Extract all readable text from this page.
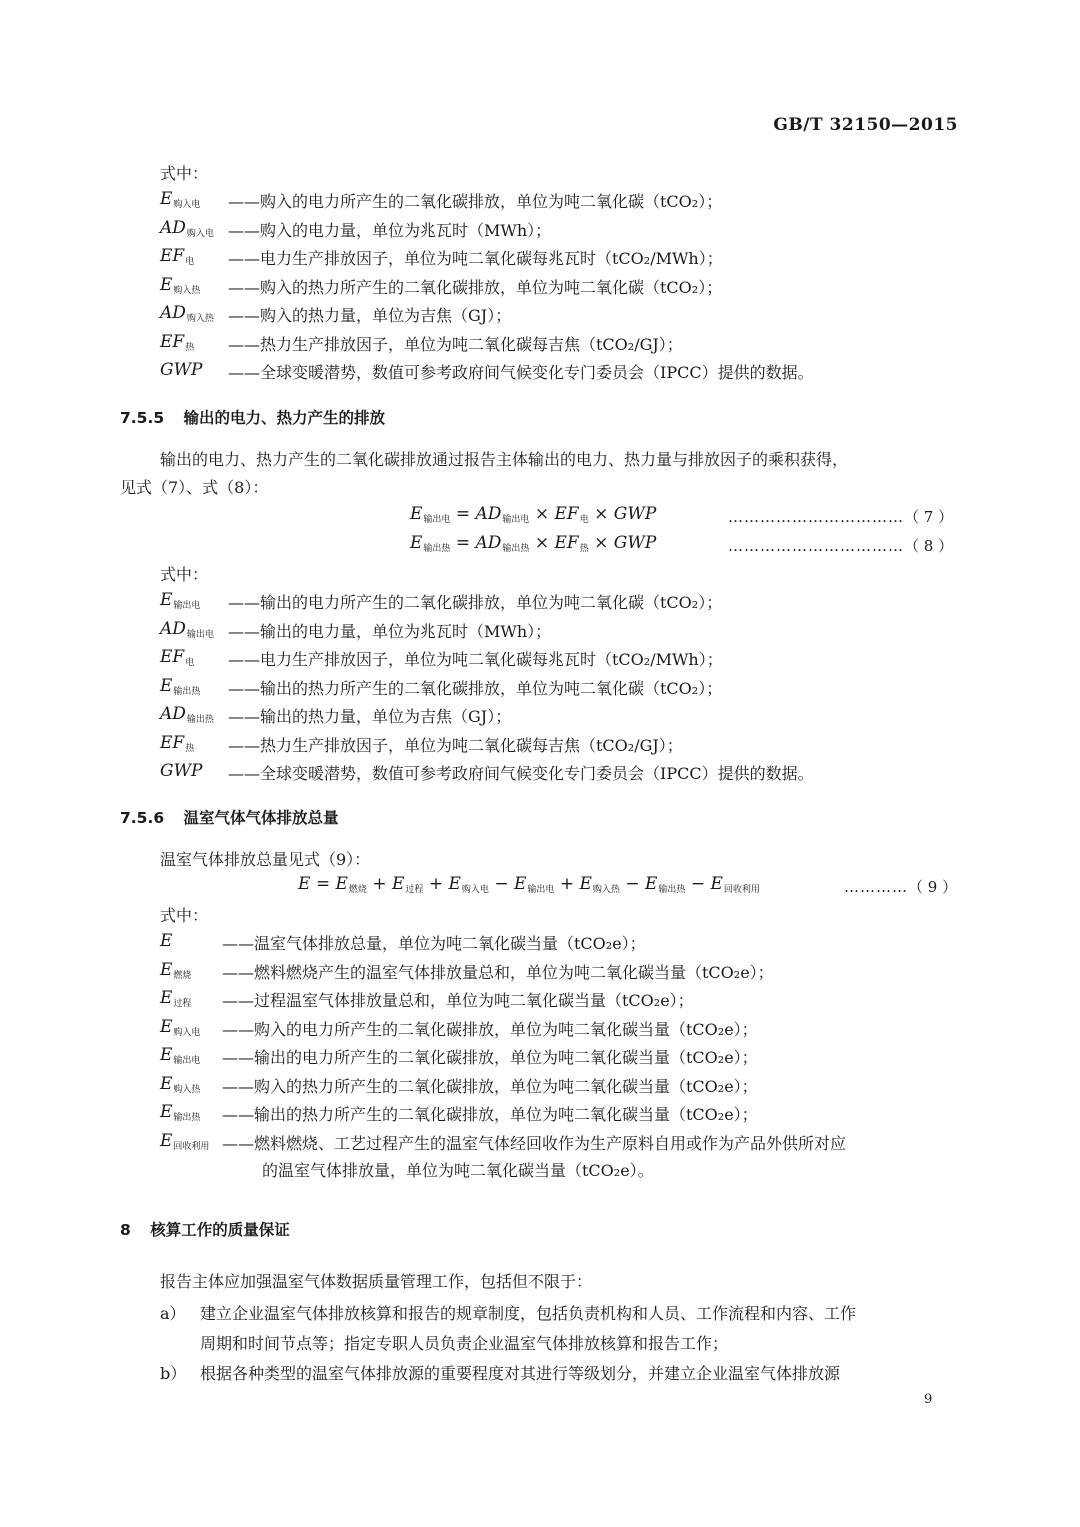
GB/T 32150—2015
式中：
E购入电 ——购入的电力所产生的二氧化碳排放，单位为吨二氧化碳（tCO₂）；
AD购入电 ——购入的电力量，单位为兆瓦时（MWh）；
EF电 ——电力生产排放因子，单位为吨二氧化碳每兆瓦时（tCO₂/MWh）；
E购入热 ——购入的热力所产生的二氧化碳排放，单位为吨二氧化碳（tCO₂）；
AD购入热 ——购入的热力量，单位为吉焦（GJ）；
EF热 ——热力生产排放因子，单位为吨二氧化碳每吉焦（tCO₂/GJ）；
GWP ——全球变暖潜势，数值可参考政府间气候变化专门委员会（IPCC）提供的数据。
7.5.5 输出的电力、热力产生的排放
输出的电力、热力产生的二氧化碳排放通过报告主体输出的电力、热力量与排放因子的乘积获得，
见式（7）、式（8）：
E输出电 = AD输出电 × EF电 × GWP	……………………………（ 7 ）
E输出热 = AD输出热 × EF热 × GWP	……………………………（ 8 ）
式中：
E输出电 ——输出的电力所产生的二氧化碳排放，单位为吨二氧化碳（tCO₂）；
AD输出电 ——输出的电力量，单位为兆瓦时（MWh）；
EF电 ——电力生产排放因子，单位为吨二氧化碳每兆瓦时（tCO₂/MWh）；
E输出热 ——输出的热力所产生的二氧化碳排放，单位为吨二氧化碳（tCO₂）；
AD输出热 ——输出的热力量，单位为吉焦（GJ）；
EF热 ——热力生产排放因子，单位为吨二氧化碳每吉焦（tCO₂/GJ）；
GWP ——全球变暖潜势，数值可参考政府间气候变化专门委员会（IPCC）提供的数据。
7.5.6 温室气体气体排放总量
温室气体排放总量见式（9）：
E = E燃烧 + E过程 + E购入电 − E输出电 + E购入热 − E输出热 − E回收利用	…………（ 9 ）
式中：
E	——温室气体排放总量，单位为吨二氧化碳当量（tCO₂e）；
E燃烧 ——燃料燃烧产生的温室气体排放量总和，单位为吨二氧化碳当量（tCO₂e）；
E过程 ——过程温室气体排放量总和，单位为吨二氧化碳当量（tCO₂e）；
E购入电 ——购入的电力所产生的二氧化碳排放，单位为吨二氧化碳当量（tCO₂e）；
E输出电 ——输出的电力所产生的二氧化碳排放，单位为吨二氧化碳当量（tCO₂e）；
E购入热 ——购入的热力所产生的二氧化碳排放，单位为吨二氧化碳当量（tCO₂e）；
E输出热 ——输出的热力所产生的二氧化碳排放，单位为吨二氧化碳当量（tCO₂e）；
E回收利用 ——燃料燃烧、工艺过程产生的温室气体经回收作为生产原料自用或作为产品外供所对应
的温室气体排放量，单位为吨二氧化碳当量（tCO₂e）。
8 核算工作的质量保证
报告主体应加强温室气体数据质量管理工作，包括但不限于：
a） 建立企业温室气体排放核算和报告的规章制度，包括负责机构和人员、工作流程和内容、工作
周期和时间节点等；指定专职人员负责企业温室气体排放核算和报告工作；
b） 根据各种类型的温室气体排放源的重要程度对其进行等级划分，并建立企业温室气体排放源
9
